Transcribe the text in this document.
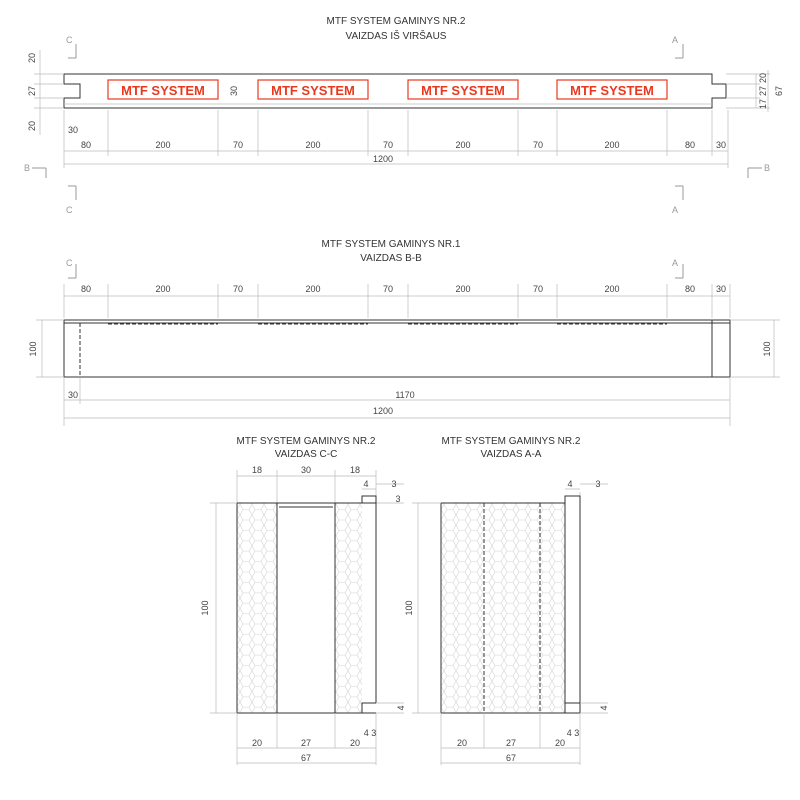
MTF SYSTEM GAMINYS NR.2
VAIZDAS IŠ VIRŠAUS
C	A
C	A
B	B
MTF SYSTEM	MTF SYSTEM	MTF SYSTEM	MTF SYSTEM
20
27
20
30
17
27
20
67
30
80	200	70	200	70	200	70	200	80 30
1200
MTF SYSTEM GAMINYS NR.1
VAIZDAS B-B
C	A
80	200	70	200	70	200	70	200	80 30
100	100
30	1170
1200
MTF SYSTEM GAMINYS NR.2
VAIZDAS C-C
18	30	18
4	3
3
100
4
4 3
20	27	20
67
MTF SYSTEM GAMINYS NR.2
VAIZDAS A-A
4	3
100
4
4 3
20	27	20
67
